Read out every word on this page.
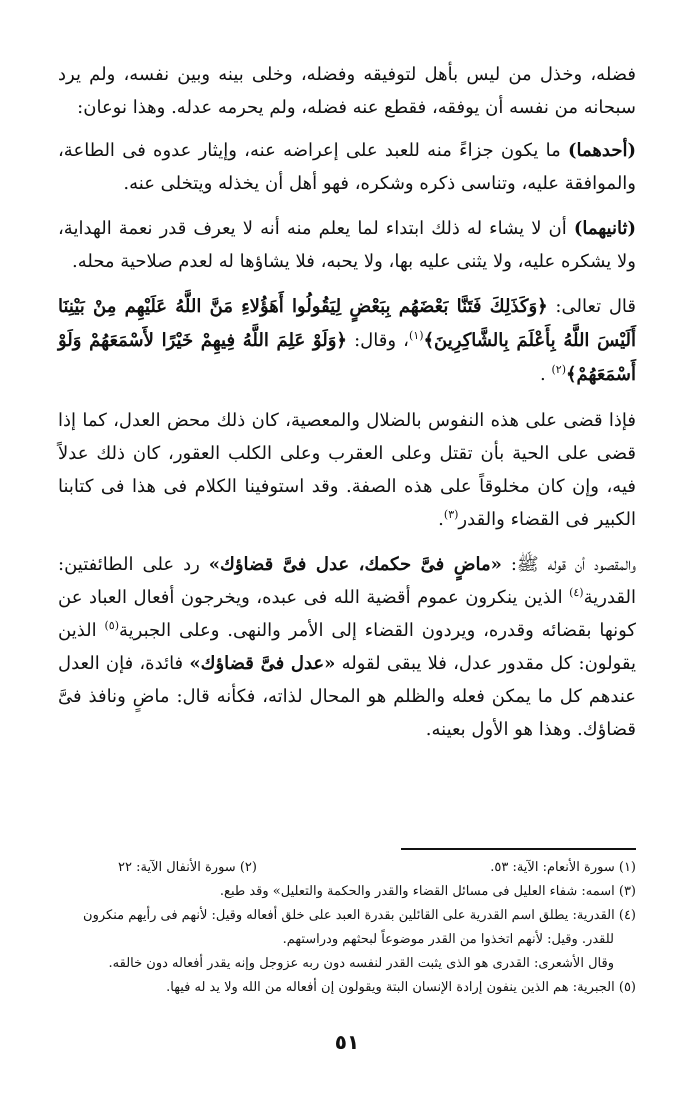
فضله، وخذل من ليس بأهل لتوفيقه وفضله، وخلى بينه وبين نفسه، ولم يرد سبحانه من نفسه أن يوفقه، فقطع عنه فضله، ولم يحرمه عدله. وهذا نوعان:

(أحدهما) ما يكون جزاءً منه للعبد على إعراضه عنه، وإيثار عدوه فى الطاعة، والموافقة عليه، وتناسى ذكره وشكره، فهو أهل أن يخذله ويتخلى عنه.

(ثانيهما) أن لا يشاء له ذلك ابتداء لما يعلم منه أنه لا يعرف قدر نعمة الهداية، ولا يشكره عليه، ولا يثنى عليه بها، ولا يحبه، فلا يشاؤها له لعدم صلاحية محله.

قال تعالى: ﴿وَكَذَلِكَ فَتَنَّا بَعْضَهُم بِبَعْضٍ لِيَقُولُوا أَهَؤُلاءِ مَنَّ اللَّهُ عَلَيْهِم مِنْ بَيْنِنَا أَلَيْسَ اللَّهُ بِأَعْلَمَ بِالشَّاكِرِينَ﴾$^{(١)}$، وقال: ﴿وَلَوْ عَلِمَ اللَّهُ فِيهِمْ خَيْرًا لأَسْمَعَهُمْ وَلَوْ أَسْمَعَهُمْ﴾$^{(٢)}$ .

فإذا قضى على هذه النفوس بالضلال والمعصية، كان ذلك محض العدل، كما إذا قضى على الحية بأن تقتل وعلى العقرب وعلى الكلب العقور، كان ذلك عدلاً فيه، وإن كان مخلوقاً على هذه الصفة. وقد استوفينا الكلام فى هذا فى كتابنا الكبير فى القضاء والقدر$^{(٣)}$.

والمقصود أن قوله ﷺ: «ماضٍ فىَّ حكمك، عدل فىَّ قضاؤك» رد على الطائفتين: القدرية$^{(٤)}$ الذين ينكرون عموم أقضية الله فى عبده، ويخرجون أفعال العباد عن كونها بقضائه وقدره، ويردون القضاء إلى الأمر والنهى. وعلى الجبرية$^{(٥)}$ الذين يقولون: كل مقدور عدل، فلا يبقى لقوله «عدل فىَّ قضاؤك» فائدة، فإن العدل عندهم كل ما يمكن فعله والظلم هو المحال لذاته، فكأنه قال: ماضٍ ونافذ فىَّ قضاؤك. وهذا هو الأول بعينه.

(١) سورة الأنعام: الآية: ٥٣.
(٢) سورة الأنفال الآية: ٢٢

(٣) اسمه: شفاء العليل فى مسائل القضاء والقدر والحكمة والتعليل» وقد طبع.

(٤) القدرية: يطلق اسم القدرية على القائلين بقدرة العبد على خلق أفعاله وقيل: لأنهم فى رأيهم منكرون

للقدر. وقيل: لأنهم اتخذوا من القدر موضوعاً لبحثهم ودراستهم.

وقال الأشعرى: القدرى هو الذى يثبت القدر لنفسه دون ربه عزوجل وإنه يقدر أفعاله دون خالقه.

(٥) الجبرية: هم الذين ينفون إرادة الإنسان البتة ويقولون إن أفعاله من الله ولا يد له فيها.

٥١
